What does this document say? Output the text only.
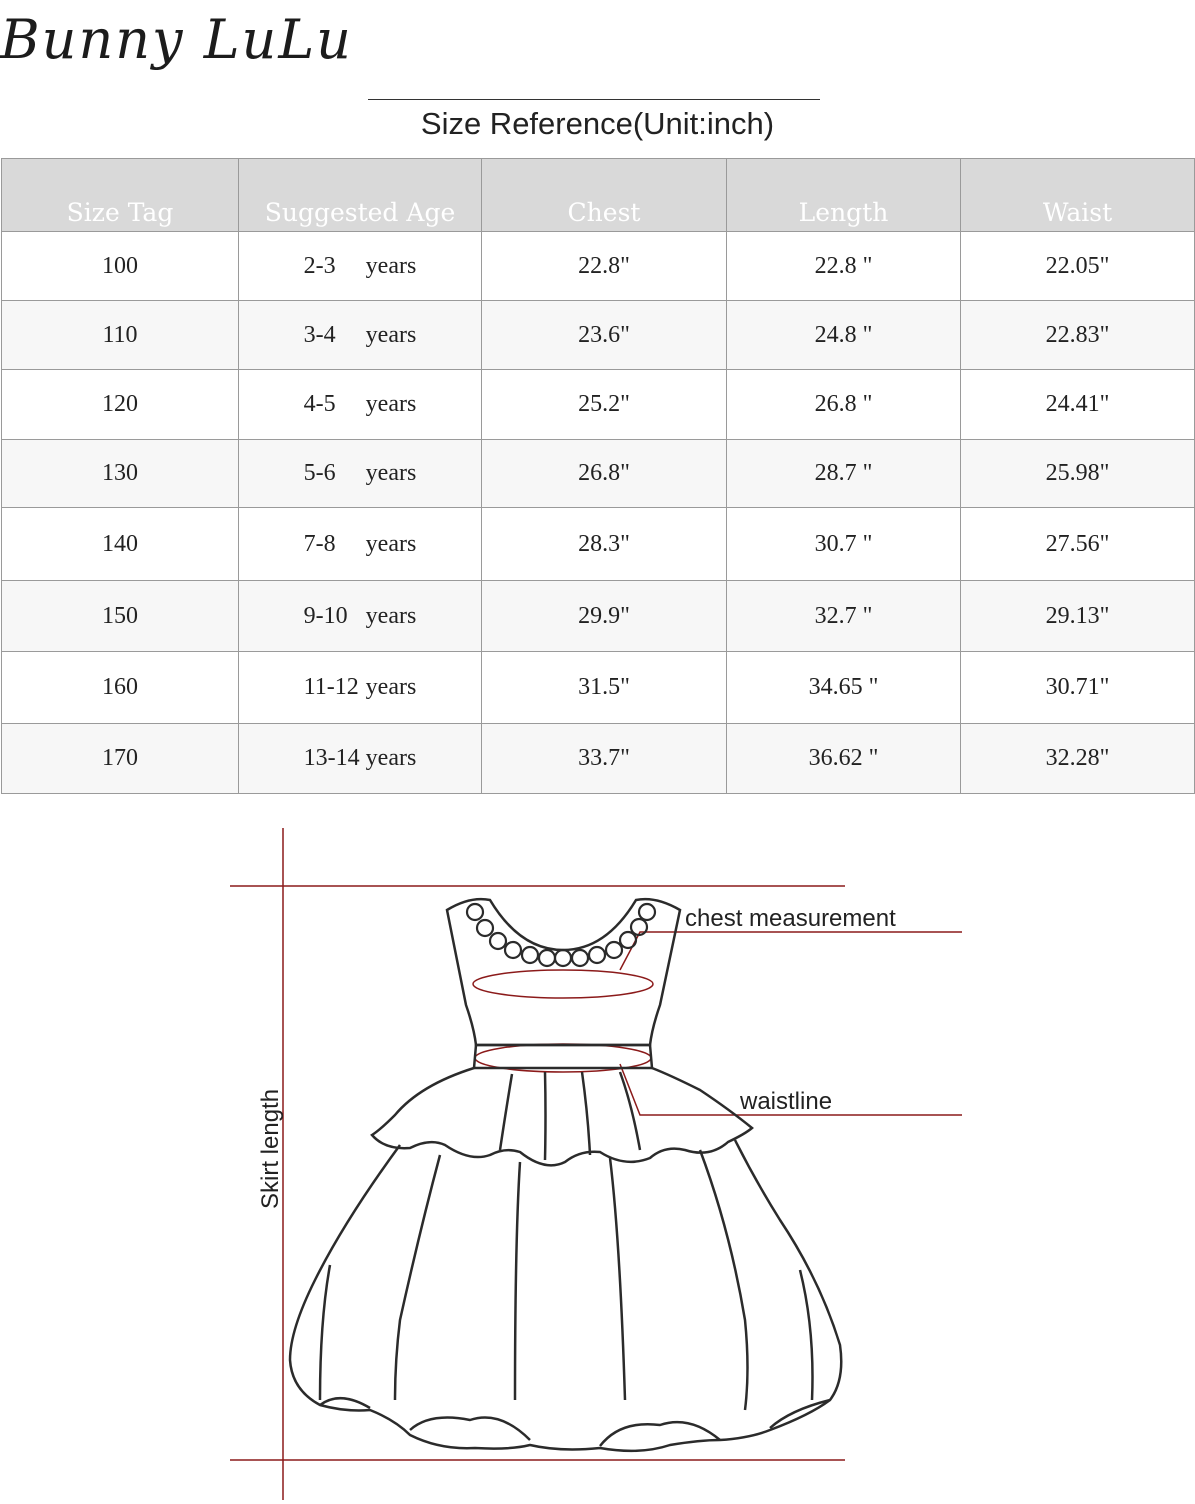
Bunny LuLu
Size Reference(Unit:inch)
Size Tag	Suggested Age	Chest	Length	Waist
100	2-3 years	22.8"	22.8 "	22.05"
110	3-4 years	23.6"	24.8 "	22.83"
120	4-5 years	25.2"	26.8 "	24.41"
130	5-6 years	26.8"	28.7 "	25.98"
140	7-8 years	28.3"	30.7 "	27.56"
150	9-10 years	29.9"	32.7 "	29.13"
160	11-12 years	31.5"	34.65 "	30.71"
170	13-14 years	33.7"	36.62 "	32.28"
chest measurement
waistline
Skirt length
